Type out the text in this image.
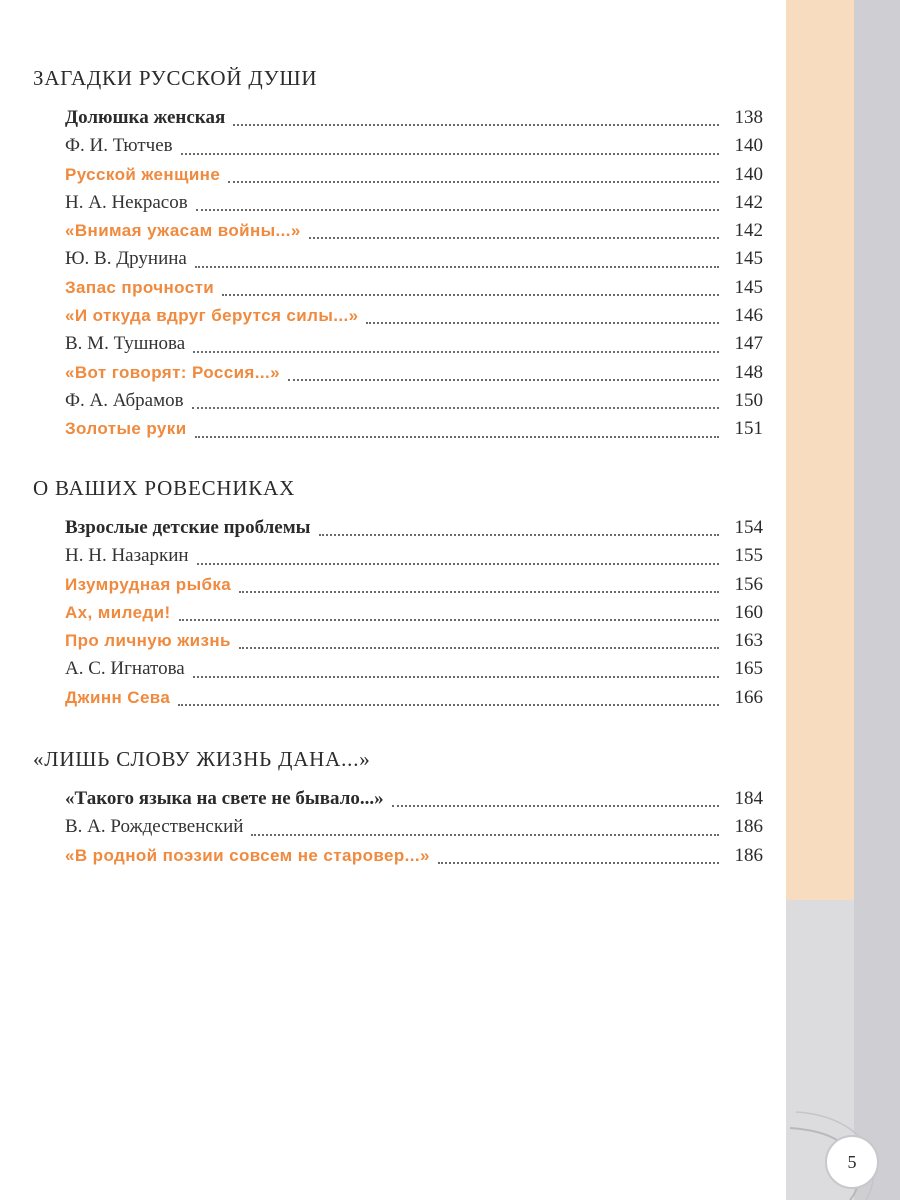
5
ЗАГАДКИ РУССКОЙ ДУШИ
Долюшка женская	138
Ф. И. Тютчев	140
Русской женщине	140
Н. А. Некрасов	142
«Внимая ужасам войны...»	142
Ю. В. Друнина	145
Запас прочности	145
«И откуда вдруг берутся силы...»	146
В. М. Тушнова	147
«Вот говорят: Россия...»	148
Ф. А. Абрамов	150
Золотые руки	151
О ВАШИХ РОВЕСНИКАХ
Взрослые детские проблемы	154
Н. Н. Назаркин	155
Изумрудная рыбка	156
Ах, миледи!	160
Про личную жизнь	163
А. С. Игнатова	165
Джинн Сева	166
«ЛИШЬ СЛОВУ ЖИЗНЬ ДАНА...»
«Такого языка на свете не бывало...»	184
В. А. Рождественский	186
«В родной поэзии совсем не старовер...»	186
